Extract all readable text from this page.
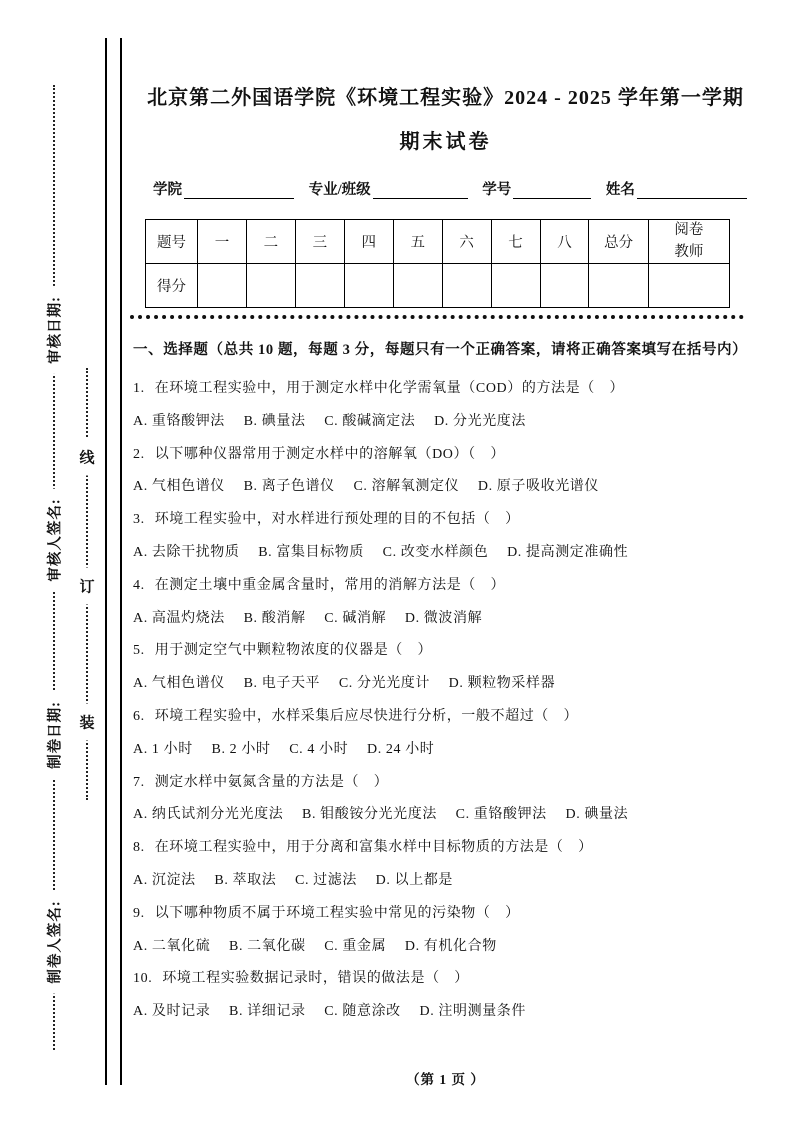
审核日期:
审核人签名:
制卷日期:
制卷人签名:
线
订
装
北京第二外国语学院《环境工程实验》2024 - 2025 学年第一学期
期末试卷
学院	专业/班级	学号	姓名
题号	一	二	三	四	五	六	七	八	总分	阅卷教师
得分										
一、选择题（总共 10 题，每题 3 分，每题只有一个正确答案，请将正确答案填写在括号内）
1. 在环境工程实验中，用于测定水样中化学需氧量（COD）的方法是（　）
A. 重铬酸钾法　 B. 碘量法　 C. 酸碱滴定法　 D. 分光光度法
2. 以下哪种仪器常用于测定水样中的溶解氧（DO）（　）
A. 气相色谱仪　 B. 离子色谱仪　 C. 溶解氧测定仪　 D. 原子吸收光谱仪
3. 环境工程实验中，对水样进行预处理的目的不包括（　）
A. 去除干扰物质　 B. 富集目标物质　 C. 改变水样颜色　 D. 提高测定准确性
4. 在测定土壤中重金属含量时，常用的消解方法是（　）
A. 高温灼烧法　 B. 酸消解　 C. 碱消解　 D. 微波消解
5. 用于测定空气中颗粒物浓度的仪器是（　）
A. 气相色谱仪　 B. 电子天平　 C. 分光光度计　 D. 颗粒物采样器
6. 环境工程实验中，水样采集后应尽快进行分析，一般不超过（　）
A. 1 小时　 B. 2 小时　 C. 4 小时　 D. 24 小时
7. 测定水样中氨氮含量的方法是（　）
A. 纳氏试剂分光光度法　 B. 钼酸铵分光光度法　 C. 重铬酸钾法　 D. 碘量法
8. 在环境工程实验中，用于分离和富集水样中目标物质的方法是（　）
A. 沉淀法　 B. 萃取法　 C. 过滤法　 D. 以上都是
9. 以下哪种物质不属于环境工程实验中常见的污染物（　）
A. 二氧化硫　 B. 二氧化碳　 C. 重金属　 D. 有机化合物
10. 环境工程实验数据记录时，错误的做法是（　）
A. 及时记录　 B. 详细记录　 C. 随意涂改　 D. 注明测量条件
（第 1 页 ）
